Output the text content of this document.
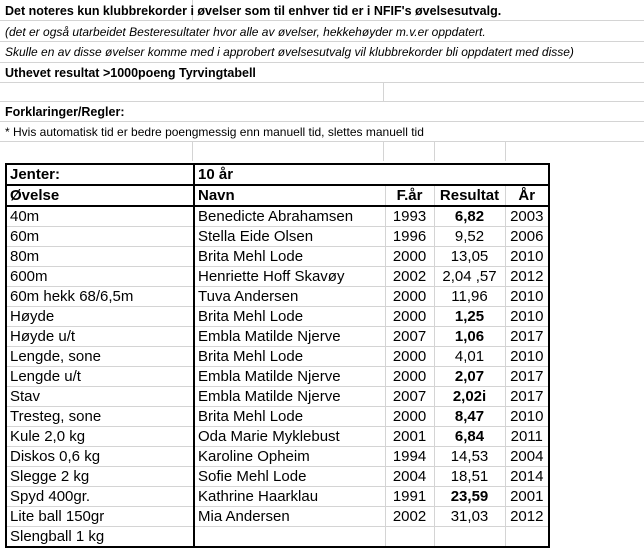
Det noteres kun klubbrekorder i øvelser som til enhver tid er i NFIF's øvelsesutvalg.
(det er også utarbeidet Besteresultater hvor alle av øvelser, hekkehøyder m.v.er oppdatert.
Skulle en av disse øvelser komme med i approbert øvelsesutvalg vil klubbrekorder bli oppdatert med disse)
Uthevet resultat >1000poeng Tyrvingtabell
Forklaringer/Regler:
* Hvis automatisk tid er bedre poengmessig enn manuell tid, slettes manuell tid
Jenter:	10 år			
Øvelse	Navn	F.år	Resultat	År
40m	Benedicte Abrahamsen	1993	6,82	2003
60m	Stella Eide Olsen	1996	9,52	2006
80m	Brita Mehl Lode	2000	13,05	2010
600m	Henriette Hoff Skavøy	2002	2,04 ,57	2012
60m hekk 68/6,5m	Tuva Andersen	2000	11,96	2010
Høyde	Brita Mehl Lode	2000	1,25	2010
Høyde u/t	Embla Matilde Njerve	2007	1,06	2017
Lengde, sone	Brita Mehl Lode	2000	4,01	2010
Lengde u/t	Embla Matilde Njerve	2000	2,07	2017
Stav	Embla Matilde Njerve	2007	2,02i	2017
Tresteg, sone	Brita Mehl Lode	2000	8,47	2010
Kule 2,0 kg	Oda Marie Myklebust	2001	6,84	2011
Diskos 0,6 kg	Karoline Opheim	1994	14,53	2004
Slegge 2 kg	Sofie Mehl Lode	2004	18,51	2014
Spyd 400gr.	Kathrine Haarklau	1991	23,59	2001
Lite ball 150gr	Mia Andersen	2002	31,03	2012
Slengball 1 kg				
